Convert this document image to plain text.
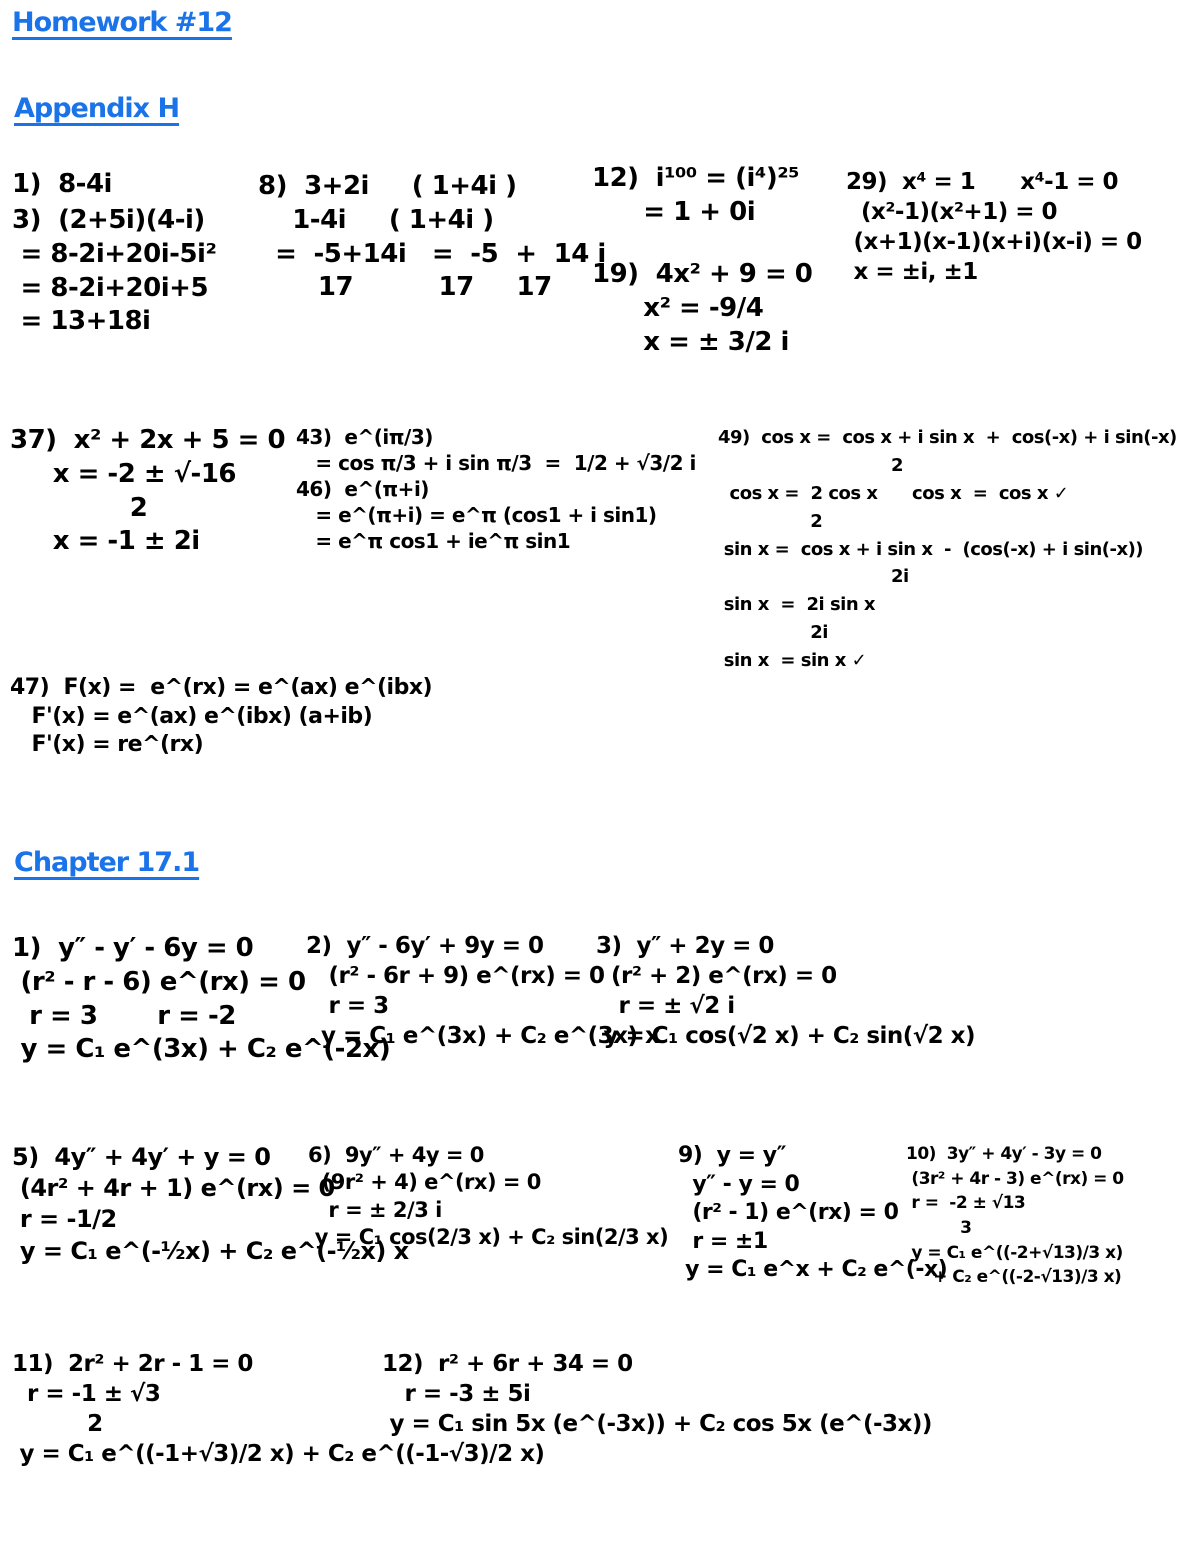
Homework #12
Appendix H
1)  8-4i
3)  (2+5i)(4-i)
= 8-2i+20i-5i²
= 8-2i+20i+5
= 13+18i
8)  3+2i     ( 1+4i )
1-4i     ( 1+4i )
=  -5+14i   =  -5  +  14 i
17          17     17
12)  i¹⁰⁰ = (i⁴)²⁵
= 1 + 0i
19)  4x² + 9 = 0
x² = -9/4
x = ± 3/2 i
29)  x⁴ = 1      x⁴-1 = 0
(x²-1)(x²+1) = 0
(x+1)(x-1)(x+i)(x-i) = 0
x = ±i, ±1
37)  x² + 2x + 5 = 0
x = -2 ± √-16
2
x = -1 ± 2i
43)  e^(iπ/3)
= cos π/3 + i sin π/3  =  1/2 + √3/2 i
46)  e^(π+i)
= e^(π+i) = e^π (cos1 + i sin1)
= e^π cos1 + ie^π sin1
49)  cos x =  cos x + i sin x  +  cos(-x) + i sin(-x)
2
cos x =  2 cos x      cos x  =  cos x ✓
2
sin x =  cos x + i sin x  -  (cos(-x) + i sin(-x))
2i
sin x  =  2i sin x
2i
sin x  = sin x ✓
47)  F(x) =  e^(rx) = e^(ax) e^(ibx)
F'(x) = e^(ax) e^(ibx) (a+ib)
F'(x) = re^(rx)
Chapter 17.1
1)  y″ - y′ - 6y = 0
(r² - r - 6) e^(rx) = 0
r = 3       r = -2
y = C₁ e^(3x) + C₂ e^(-2x)
2)  y″ - 6y′ + 9y = 0
(r² - 6r + 9) e^(rx) = 0
r = 3
y = C₁ e^(3x) + C₂ e^(3x) x
3)  y″ + 2y = 0
(r² + 2) e^(rx) = 0
r = ± √2 i
y = C₁ cos(√2 x) + C₂ sin(√2 x)
5)  4y″ + 4y′ + y = 0
(4r² + 4r + 1) e^(rx) = 0
r = -1/2
y = C₁ e^(-½x) + C₂ e^(-½x) x
6)  9y″ + 4y = 0
(9r² + 4) e^(rx) = 0
r = ± 2/3 i
y = C₁ cos(2/3 x) + C₂ sin(2/3 x)
9)  y = y″
y″ - y = 0
(r² - 1) e^(rx) = 0
r = ±1
y = C₁ e^x + C₂ e^(-x)
10)  3y″ + 4y′ - 3y = 0
(3r² + 4r - 3) e^(rx) = 0
r =  -2 ± √13
3
y = C₁ e^((-2+√13)/3 x)
+ C₂ e^((-2-√13)/3 x)
11)  2r² + 2r - 1 = 0
r = -1 ± √3
2
y = C₁ e^((-1+√3)/2 x) + C₂ e^((-1-√3)/2 x)
12)  r² + 6r + 34 = 0
r = -3 ± 5i
y = C₁ sin 5x (e^(-3x)) + C₂ cos 5x (e^(-3x))
